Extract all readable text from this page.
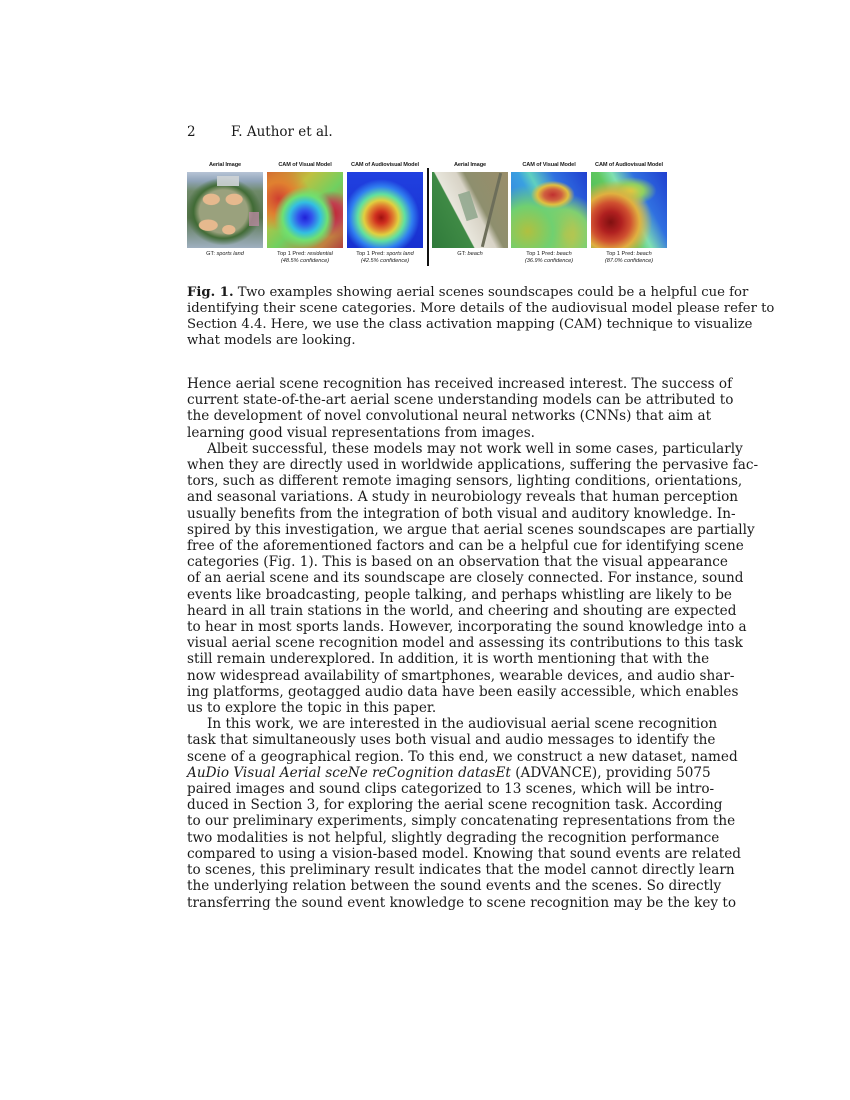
2	F. Author et al.
Aerial Image
GT: sports land
CAM of Visual Model
Top 1 Pred: residential
(48.5% confidence)
CAM of Audiovisual Model
Top 1 Pred: sports land
(42.5% confidence)
Aerial Image
GT: beach
CAM of Visual Model
Top 1 Pred: beach
(36.9% confidence)
CAM of Audiovisual Model
Top 1 Pred: beach
(87.0% confidence)
Fig. 1. Two examples showing aerial scenes soundscapes could be a helpful cue for
identifying their scene categories. More details of the audiovisual model please refer to
Section 4.4. Here, we use the class activation mapping (CAM) technique to visualize
what models are looking.
Hence aerial scene recognition has received increased interest. The success of
current state-of-the-art aerial scene understanding models can be attributed to
the development of novel convolutional neural networks (CNNs) that aim at
learning good visual representations from images.
Albeit successful, these models may not work well in some cases, particularly
when they are directly used in worldwide applications, suffering the pervasive fac-
tors, such as different remote imaging sensors, lighting conditions, orientations,
and seasonal variations. A study in neurobiology reveals that human perception
usually benefits from the integration of both visual and auditory knowledge. In-
spired by this investigation, we argue that aerial scenes soundscapes are partially
free of the aforementioned factors and can be a helpful cue for identifying scene
categories (Fig. 1). This is based on an observation that the visual appearance
of an aerial scene and its soundscape are closely connected. For instance, sound
events like broadcasting, people talking, and perhaps whistling are likely to be
heard in all train stations in the world, and cheering and shouting are expected
to hear in most sports lands. However, incorporating the sound knowledge into a
visual aerial scene recognition model and assessing its contributions to this task
still remain underexplored. In addition, it is worth mentioning that with the
now widespread availability of smartphones, wearable devices, and audio shar-
ing platforms, geotagged audio data have been easily accessible, which enables
us to explore the topic in this paper.
In this work, we are interested in the audiovisual aerial scene recognition
task that simultaneously uses both visual and audio messages to identify the
scene of a geographical region. To this end, we construct a new dataset, named
AuDio Visual Aerial sceNe reCognition datasEt (ADVANCE), providing 5075
paired images and sound clips categorized to 13 scenes, which will be intro-
duced in Section 3, for exploring the aerial scene recognition task. According
to our preliminary experiments, simply concatenating representations from the
two modalities is not helpful, slightly degrading the recognition performance
compared to using a vision-based model. Knowing that sound events are related
to scenes, this preliminary result indicates that the model cannot directly learn
the underlying relation between the sound events and the scenes. So directly
transferring the sound event knowledge to scene recognition may be the key to
